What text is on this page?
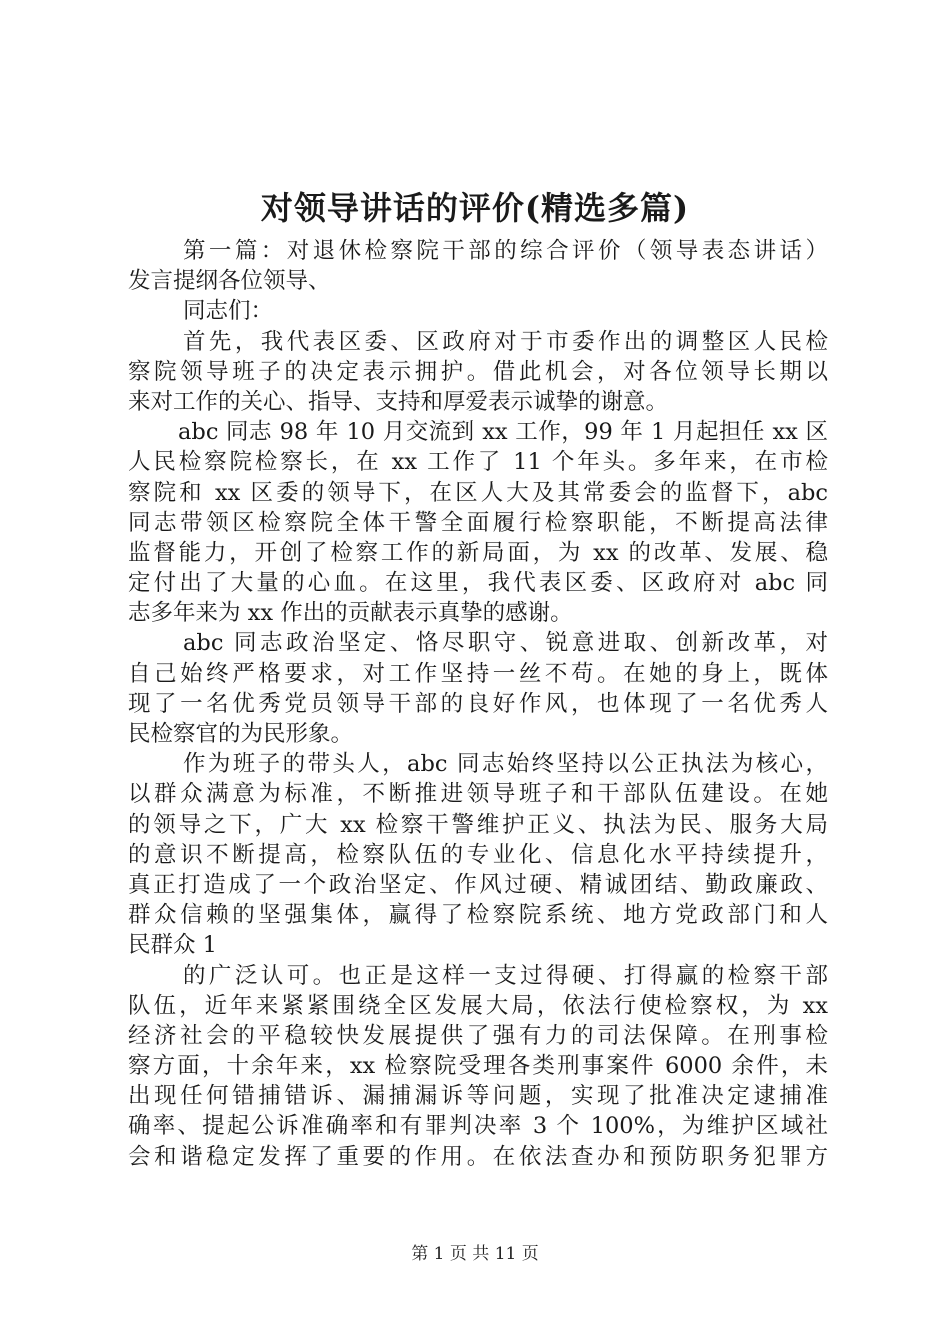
对领导讲话的评价(精选多篇)
第一篇：对退休检察院干部的综合评价（领导表态讲话）
发言提纲各位领导、
同志们：
首先，我代表区委、区政府对于市委作出的调整区人民检
察院领导班子的决定表示拥护。借此机会，对各位领导长期以
来对工作的关心、指导、支持和厚爱表示诚挚的谢意。
abc 同志 98 年 10 月交流到 xx 工作，99 年 1 月起担任 xx 区
人民检察院检察长，在 xx 工作了 11 个年头。多年来，在市检
察院和 xx 区委的领导下，在区人大及其常委会的监督下，abc
同志带领区检察院全体干警全面履行检察职能，不断提高法律
监督能力，开创了检察工作的新局面，为 xx 的改革、发展、稳
定付出了大量的心血。在这里，我代表区委、区政府对 abc 同
志多年来为 xx 作出的贡献表示真挚的感谢。
abc 同志政治坚定、恪尽职守、锐意进取、创新改革，对
自己始终严格要求，对工作坚持一丝不苟。在她的身上，既体
现了一名优秀党员领导干部的良好作风，也体现了一名优秀人
民检察官的为民形象。
作为班子的带头人，abc 同志始终坚持以公正执法为核心，
以群众满意为标准，不断推进领导班子和干部队伍建设。在她
的领导之下，广大 xx 检察干警维护正义、执法为民、服务大局
的意识不断提高，检察队伍的专业化、信息化水平持续提升，
真正打造成了一个政治坚定、作风过硬、精诚团结、勤政廉政、
群众信赖的坚强集体，赢得了检察院系统、地方党政部门和人
民群众 1
的广泛认可。也正是这样一支过得硬、打得赢的检察干部
队伍，近年来紧紧围绕全区发展大局，依法行使检察权，为 xx
经济社会的平稳较快发展提供了强有力的司法保障。在刑事检
察方面，十余年来，xx 检察院受理各类刑事案件 6000 余件，未
出现任何错捕错诉、漏捕漏诉等问题，实现了批准决定逮捕准
确率、提起公诉准确率和有罪判决率 3 个 100%，为维护区域社
会和谐稳定发挥了重要的作用。在依法查办和预防职务犯罪方
第 1 页 共 11 页
